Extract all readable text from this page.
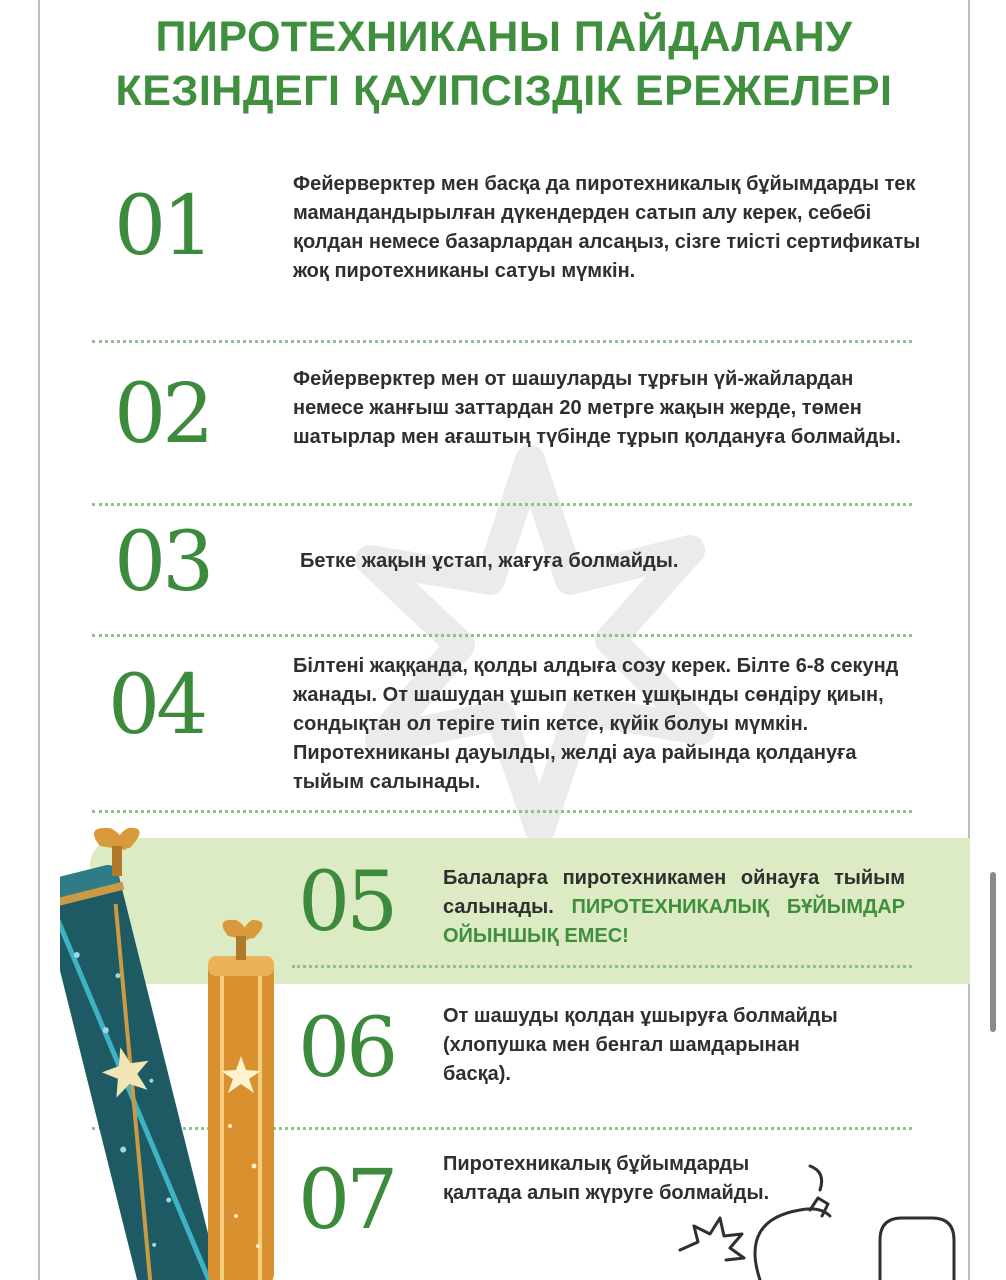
ПИРОТЕХНИКАНЫ ПАЙДАЛАНУ
КЕЗІНДЕГІ ҚАУІПСІЗДІК ЕРЕЖЕЛЕРІ
01	Фейерверктер мен басқа да пиротехникалық бұйымдарды тек мамандандырылған дүкендерден сатып алу керек, себебі қолдан немесе базарлардан алсаңыз, сізге тиісті сертификаты жоқ пиротехниканы сатуы мүмкін.

02	Фейерверктер мен от шашуларды тұрғын үй-жайлардан немесе жанғыш заттардан 20 метрге жақын жерде, төмен шатырлар мен ағаштың түбінде тұрып қолдануға болмайды.

03	Бетке жақын ұстап, жағуға болмайды.

04	Білтені жаққанда, қолды алдыға созу керек. Білте 6-8 секунд жанады. От шашудан ұшып кеткен ұшқынды сөндіру қиын, сондықтан ол теріге тиіп кетсе, күйік болуы мүмкін. Пиротехниканы дауылды, желді ауа райында қолдануға тыйым салынады.

05 Балаларға пиротехникамен ойнауға тыйым салынады. ПИРОТЕХНИКАЛЫҚ БҰЙЫМДАР ОЙЫНШЫҚ ЕМЕС!

06 От шашуды қолдан ұшыруға болмайды (хлопушка мен бенгал шамдарынан басқа).

07 Пиротехникалық бұйымдарды қалтада алып жүруге болмайды.
